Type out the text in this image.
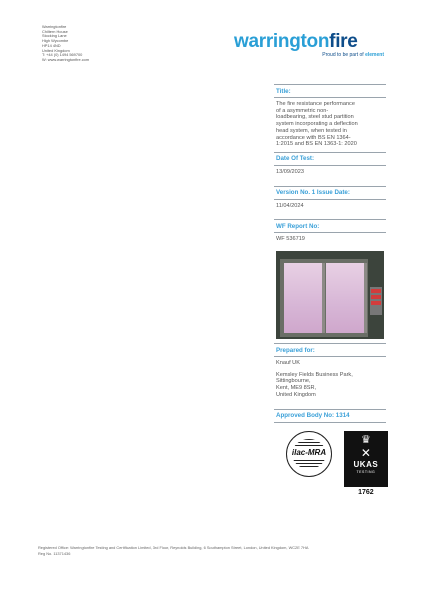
Warringtonfire
Chiltern House
Stocking Lane
High Wycombe
HP14 4ND
United Kingdom
T: +44 (0) 1494 569700
W: www.warringtonfire.com
warringtonfire
Proud to be part of element
Title:

The fire resistance performance

of a asymmetric non-

loadbearing, steel stud partition

system incorporating a deflection

head system, when tested in

accordance with BS EN 1364-

1:2015 and BS EN 1363-1: 2020

Date Of Test:

13/09/2023

Version No. 1 Issue Date:

11/04/2024

WF Report No:

WF 536719

Prepared for:

Knauf UK

Kemsley Fields Business Park,

Sittingbourne,

Kent, ME9 8SR,

United Kingdom

Approved Body No: 1314
ilac-MRA
♛
✕
UKAS
TESTING
1762
Registered Office: Warringtonfire Testing and Certification Limited, 3rd Floor, Reynolds Building, 6 Southampton Street, London, United Kingdom, WC2E 7HA
Reg No. 11371436
